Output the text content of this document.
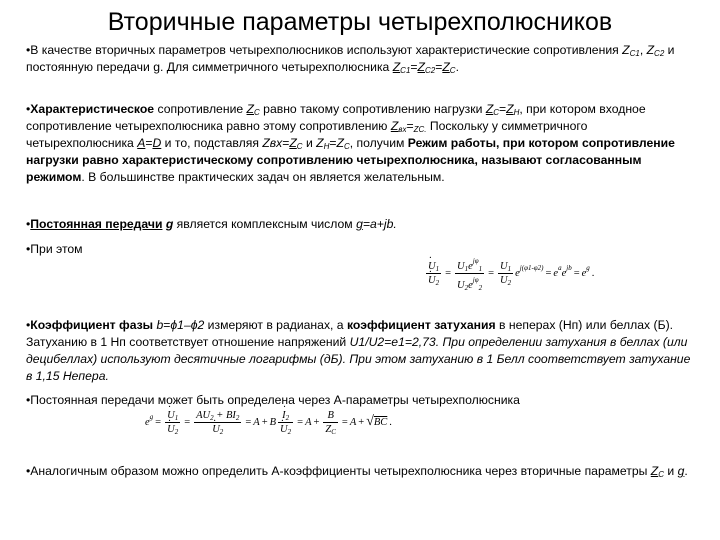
Вторичные параметры четырехполюсников
•В качестве вторичных параметров четырехполюсников используют характеристические сопротивления $Z_{C1}$, $Z_{C2}$ и постоянную передачи g. Для симметричного четырехполюсника $Z_{C1}=Z_{C2}=Z_C$.
•Характеристическое сопротивление $Z_C$ равно такому сопротивлению нагрузки $Z_C=Z_Н$, при котором входное сопротивление четырехполюсника равно этому сопротивлению $Z_{вх}=_{ZC.}$ Поскольку у симметричного четырехполюсника A=D и то, подставляя $Zвх=Z_C$ и $Z_Н=Z_C$, получим Режим работы, при котором сопротивление нагрузки равно характеристическому сопротивлению четырехполюсника, называют согласованным режимом. В большинстве практических задач он является желательным.
•Постоянная передачи g является комплексным числом g=a+jb.
•При этом
· $U_1$
· $U_2 = \frac{U_1e^{j\varphi}_1}{U_2e^{j\varphi}_2} = \frac{U_1}{U_2} e^{j(\varphi 1-\varphi 2)}= e^ae^{jb}= e^g$.
•Коэффициент фазы b=ϕ1–ϕ2 измеряют в радианах, а коэффициент затухания в неперах (Нп) или беллах (Б). Затуханию в 1 Нп соответствует отношение напряжений U1/U2=e1=2,73. При определении затухания в беллах (или децибеллах) используют десятичные логарифмы (дБ). При этом затуханию в 1 Белл соответствует затухание в 1,15 Непера.
•Постоянная передачи может быть определена через А-параметры четырехполюсника
$e^g= \cdot U_1$
· $U_2 = AU_2 + BI_2$
· $U_2 = A + B \cdot I_2$
· $U_2 = A + \frac{B}{Z_C} = A + √BC$ .
•Аналогичным образом можно определить А-коэффициенты четырехполюсника через вторичные параметры $Z_C$ и g.
